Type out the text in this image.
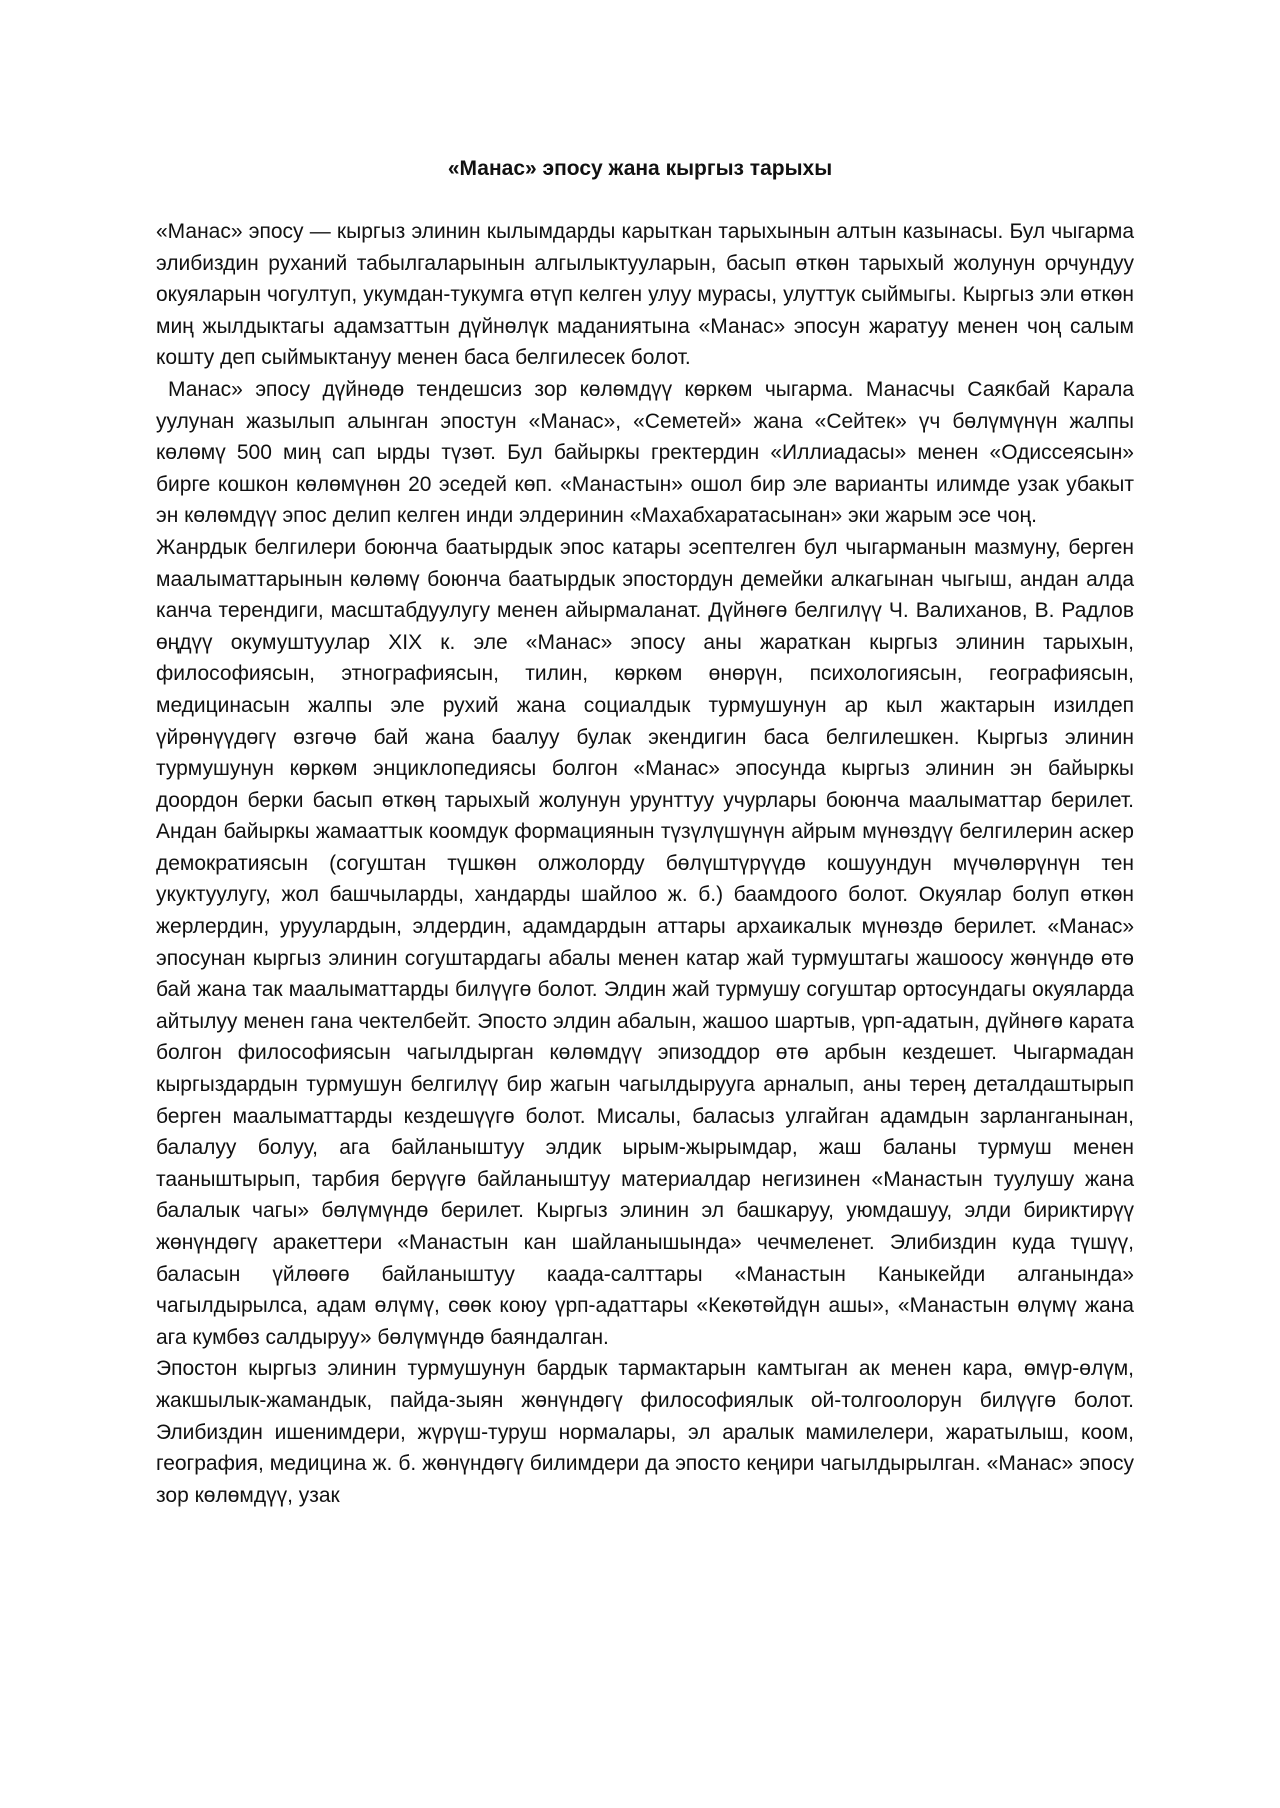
«Манас» эпосу жана кыргыз тарыхы

«Манас» эпосу — кыргыз элинин кылымдарды карыткан тарыхынын алтын казынасы. Бул чыгарма элибиздин руханий табылгаларынын алгылыктууларын, басып өткөн тарыхый жолунун орчундуу окуяларын чогултуп, укумдан-тукумга өтүп келген улуу мурасы, улуттук сыймыгы. Кыргыз эли өткөн миң жылдыктагы адамзаттын дүйнөлүк маданиятына «Манас» эпосун жаратуу менен чоң салым кошту деп сыймыктануу менен баса белгилесек болот.

Манас» эпосу дүйнөдө тендешсиз зор көлөмдүү көркөм чыгарма. Манасчы Саякбай Карала уулунан жазылып алынган эпостун «Манас», «Семетей» жана «Сейтек» үч бөлүмүнүн жалпы көлөмү 500 миң сап ырды түзөт. Бул байыркы гректердин «Иллиадасы» менен «Одиссеясын» бирге кошкон көлөмүнөн 20 эседей көп. «Манастын» ошол бир эле варианты илимде узак убакыт эн көлөмдүү эпос делип келген инди элдеринин «Махабхаратасынан» эки жарым эсе чоң.

Жанрдык белгилери боюнча баатырдык эпос катары эсептелген бул чыгарманын мазмуну, берген маалыматтарынын көлөмү боюнча баатырдык эпостордун демейки алкагынан чыгыш, андан алда канча терендиги, масштабдуулугу менен айырмаланат. Дүйнөгө белгилүү Ч. Валиханов, В. Радлов өңдүү окумуштуулар XIX к. эле «Манас» эпосу аны жараткан кыргыз элинин тарыхын, философиясын, этнографиясын, тилин, көркөм өнөрүн, психологиясын, географиясын, медицинасын жалпы эле рухий жана социалдык турмушунун ар кыл жактарын изилдеп үйрөнүүдөгү өзгөчө бай жана баалуу булак экендигин баса белгилешкен. Кыргыз элинин турмушунун көркөм энциклопедиясы болгон «Манас» эпосунда кыргыз элинин эн байыркы доордон берки басып өткөң тарыхый жолунун урунттуу учурлары боюнча маалыматтар берилет. Андан байыркы жамааттык коомдук формациянын түзүлүшүнүн айрым мүнөздүү белгилерин аскер демократиясын (согуштан түшкөн олжолорду бөлүштүрүүдө кошуундун мүчөлөрүнүн тен укуктуулугу, жол башчыларды, хандарды шайлоо ж. б.) баамдоого болот. Окуялар болуп өткөн жерлердин, уруулардын, элдердин, адамдардын аттары архаикалык мүнөздө берилет. «Манас» эпосунан кыргыз элинин согуштардагы абалы менен катар жай турмуштагы жашоосу жөнүндө өтө бай жана так маалыматтарды билүүгө болот. Элдин жай турмушу согуштар ортосундагы окуяларда айтылуу менен гана чектелбейт. Эпосто элдин абалын, жашоо шартыв, үрп-адатын, дүйнөгө карата болгон философиясын чагылдырган көлөмдүү эпизоддор өтө арбын кездешет. Чыгармадан кыргыздардын турмушун белгилүү бир жагын чагылдырууга арналып, аны тереӊ деталдаштырып берген маалыматтарды кездешүүгө болот. Мисалы, баласыз улгайган адамдын зарланганынан, балалуу болуу, ага байланыштуу элдик ырым-жырымдар, жаш баланы турмуш менен тааныштырып, тарбия берүүгө байланыштуу материалдар негизинен «Манастын туулушу жана балалык чагы» бөлүмүндө берилет. Кыргыз элинин эл башкаруу, уюмдашуу, элди бириктирүү жөнүндөгү аракеттери «Манастын кан шайланышында» чечмеленет. Элибиздин куда түшүү, баласын үйлөөгө байланыштуу каада-салттары «Манастын Каныкейди алганында» чагылдырылса, адам өлүмү, сөөк коюу үрп-адаттары «Кекөтөйдүн ашы», «Манастын өлүмү жана ага кумбөз салдыруу» бөлүмүндө баяндалган.

Эпостон кыргыз элинин турмушунун бардык тармактарын камтыган ак менен кара, өмүр-өлүм, жакшылык-жамандык, пайда-зыян жөнүндөгү философиялык ой-толгоолорун билүүгө болот. Элибиздин ишенимдери, жүрүш-туруш нормалары, эл аралык мамилелери, жаратылыш, коом, география, медицина ж. б. жөнүндөгү билимдери да эпосто кеңири чагылдырылган. «Манас» эпосу зор көлөмдүү, узак
